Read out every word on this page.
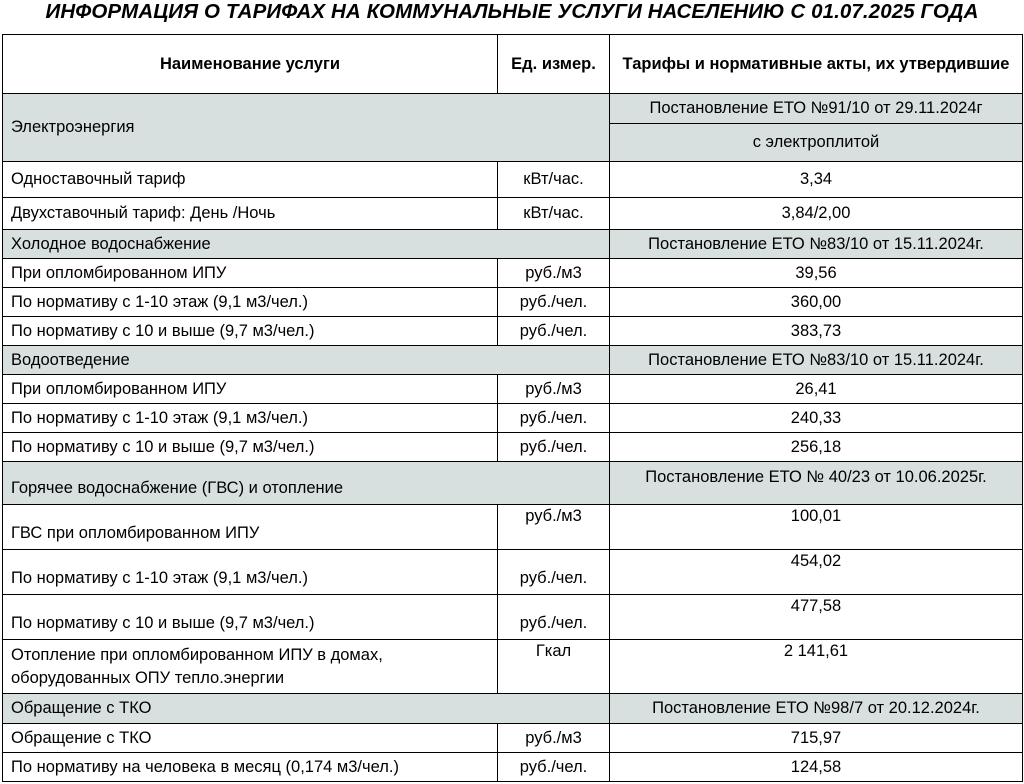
ИНФОРМАЦИЯ О ТАРИФАХ НА КОММУНАЛЬНЫЕ УСЛУГИ НАСЕЛЕНИЮ С 01.07.2025 ГОДА
Наименование услуги	Ед. измер.	Тарифы и нормативные акты, их утвердившие
Электроэнергия		Постановление ЕТО №91/10 от 29.11.2024г
		с электроплитой
Одноставочный тариф	кВт/час.	3,34
Двухставочный тариф: День /Ночь	кВт/час.	3,84/2,00
Холодное водоснабжение		Постановление ЕТО №83/10 от 15.11.2024г.
При опломбированном ИПУ	руб./м3	39,56
По нормативу с 1-10 этаж (9,1 м3/чел.)	руб./чел.	360,00
По нормативу с 10 и выше (9,7 м3/чел.)	руб./чел.	383,73
Водоотведение		Постановление ЕТО №83/10 от 15.11.2024г.
При опломбированном ИПУ	руб./м3	26,41
По нормативу с 1-10 этаж (9,1 м3/чел.)	руб./чел.	240,33
По нормативу с 10 и выше (9,7 м3/чел.)	руб./чел.	256,18
Горячее водоснабжение (ГВС) и отопление		Постановление ЕТО № 40/23 от 10.06.2025г.
ГВС при опломбированном ИПУ	руб./м3	100,01
По нормативу с 1-10 этаж (9,1 м3/чел.)	руб./чел.	454,02
По нормативу с 10 и выше (9,7 м3/чел.)	руб./чел.	477,58
Отопление при опломбированном ИПУ в домах, оборудованных ОПУ тепло.энергии	Гкал	2 141,61
Обращение с ТКО		Постановление ЕТО №98/7 от 20.12.2024г.
Обращение с ТКО	руб./м3	715,97
По нормативу на человека в месяц (0,174 м3/чел.)	руб./чел.	124,58
